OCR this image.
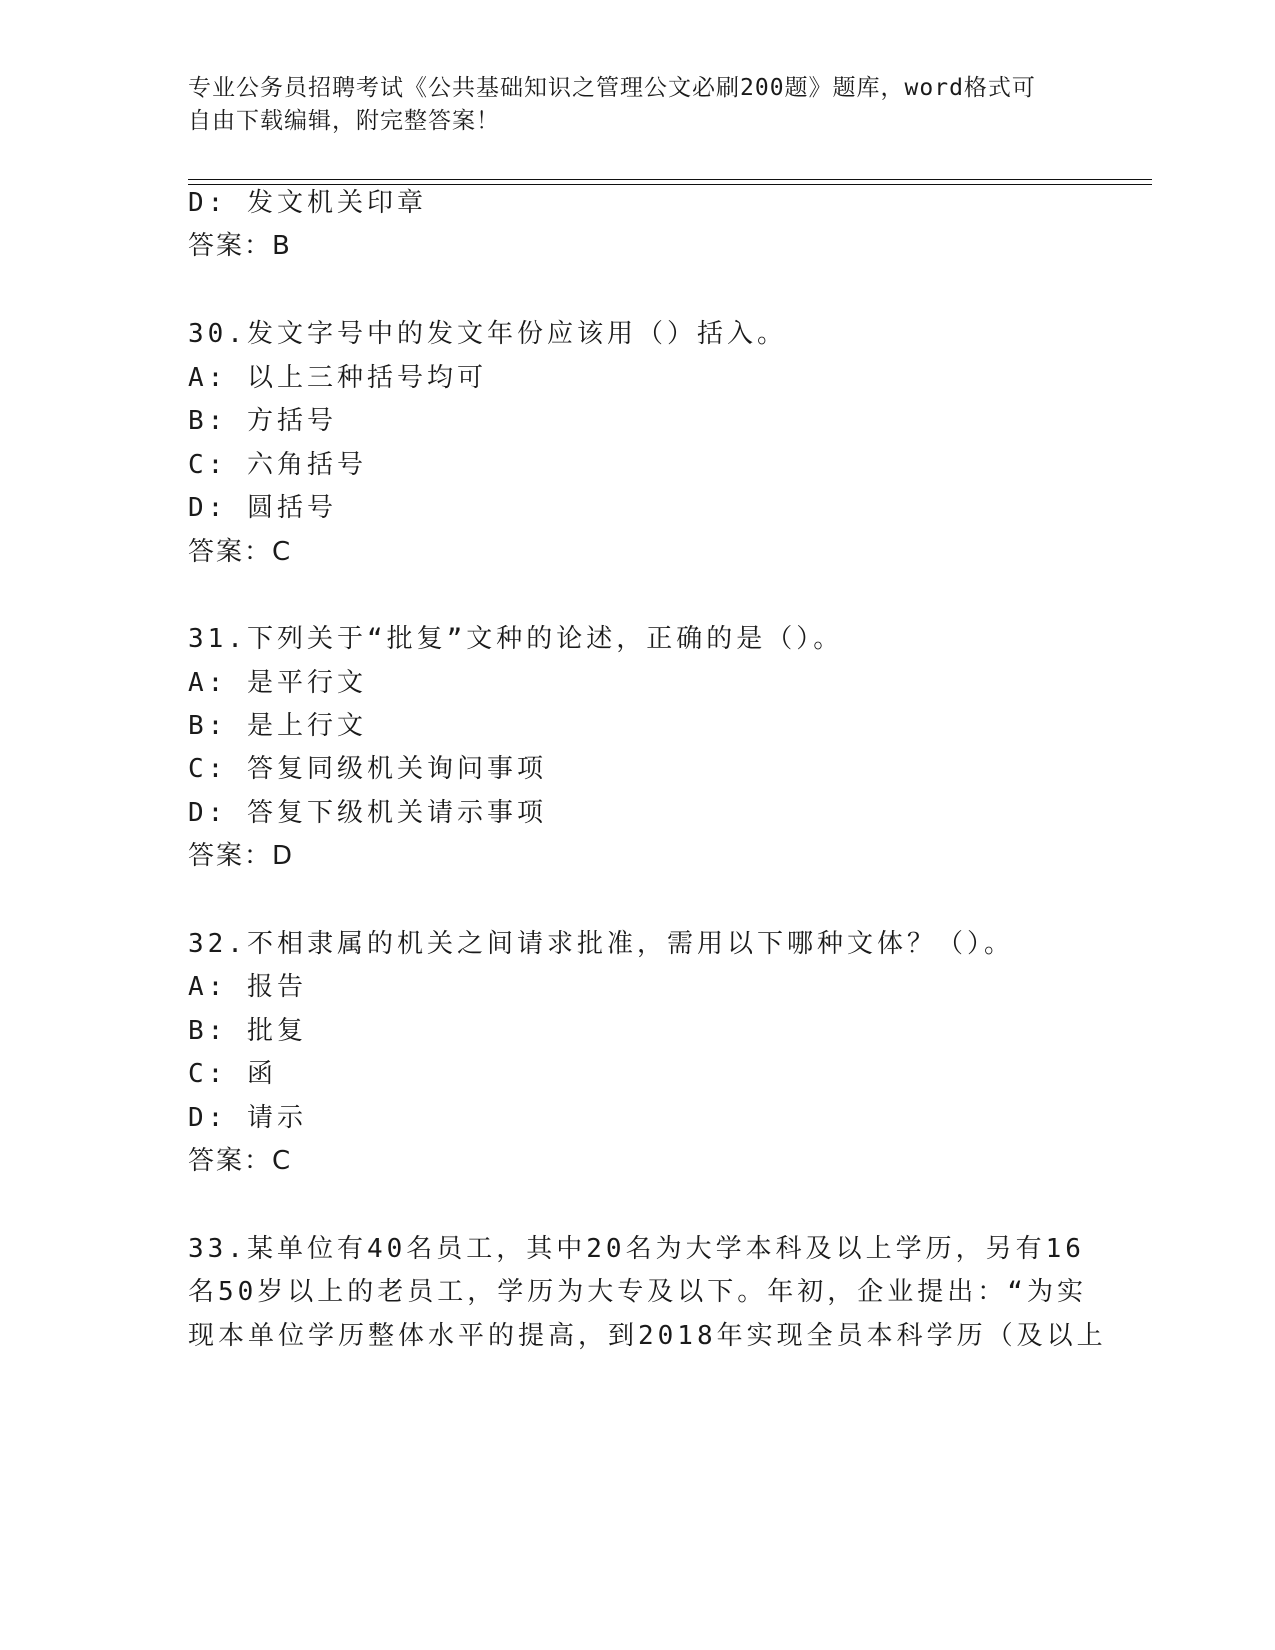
专业公务员招聘考试《公共基础知识之管理公文必刷200题》题库，word格式可
自由下载编辑，附完整答案！
D: 发文机关印章
答案：B
30.发文字号中的发文年份应该用（）括入。
A: 以上三种括号均可
B: 方括号
C: 六角括号
D: 圆括号
答案：C
31.下列关于“批复”文种的论述，正确的是（）。
A: 是平行文
B: 是上行文
C: 答复同级机关询问事项
D: 答复下级机关请示事项
答案：D
32.不相隶属的机关之间请求批准，需用以下哪种文体？（）。
A: 报告
B: 批复
C: 函
D: 请示
答案：C
33.某单位有40名员工，其中20名为大学本科及以上学历，另有16
名50岁以上的老员工，学历为大专及以下。年初，企业提出：“为实
现本单位学历整体水平的提高，到2018年实现全员本科学历（及以上
